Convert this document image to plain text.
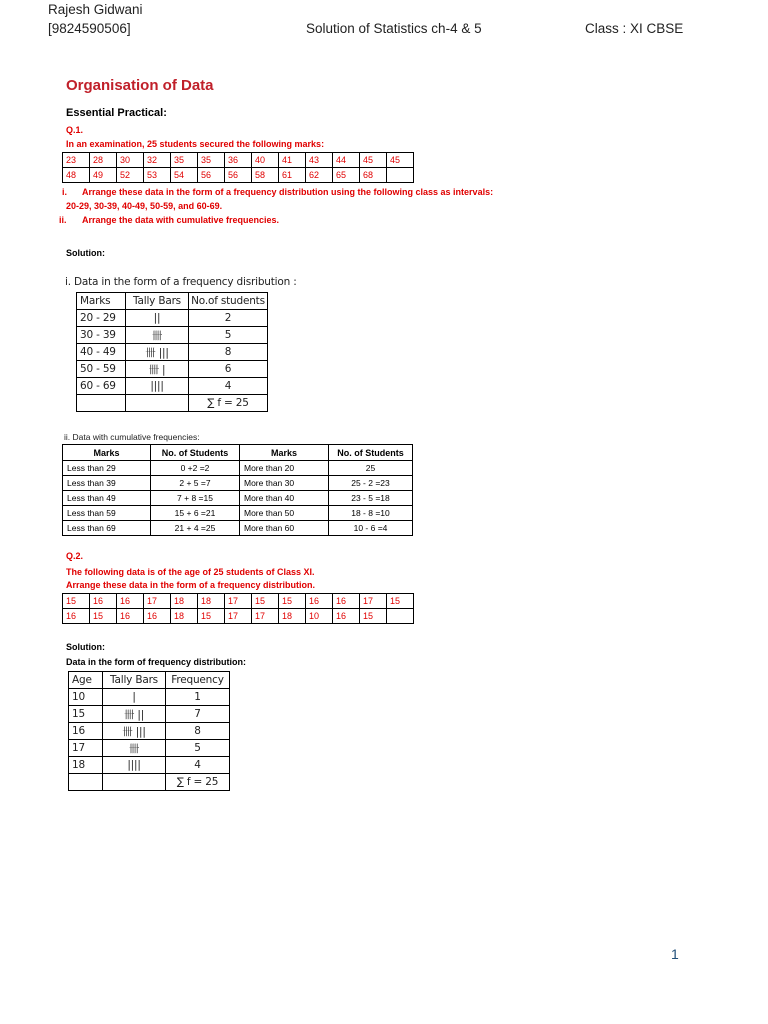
Rajesh Gidwani
[9824590506]	Solution of Statistics ch-4 & 5	Class : XI CBSE
Organisation of Data
Essential Practical:
Q.1.
In an examination, 25 students secured the following marks:
23	28	30	32	35	35	36	40	41	43	44	45	45
48	49	52	53	54	56	56	58	61	62	65	68	
i. Arrange these data in the form of a frequency distribution using the following class as intervals:
20-29, 30-39, 40-49, 50-59, and 60-69.
ii. Arrange the data with cumulative frequencies.
Solution:
i. Data in the form of a frequency disribution :
Marks	Tally Bars	No.of students
20 - 29	||	2
30 - 39	卌	5
40 - 49	卌 |||	8
50 - 59	卌 |	6
60 - 69	||||	4
		∑ f = 25
ii. Data with cumulative frequencies:
Marks	No. of Students	Marks	No. of Students
Less than 29	0 +2 =2	More than 20	25
Less than 39	2 + 5 =7	More than 30	25 - 2 =23
Less than 49	7 + 8 =15	More than 40	23 - 5 =18
Less than 59	15 + 6 =21	More than 50	18 - 8 =10
Less than 69	21 + 4 =25	More than 60	10 - 6 =4
Q.2.
The following data is of the age of 25 students of Class XI.
Arrange these data in the form of a frequency distribution.
15	16	16	17	18	18	17	15	15	16	16	17	15
16	15	16	16	18	15	17	17	18	10	16	15	
Solution:
Data in the form of frequency distribution:
Age	Tally Bars	Frequency
10	|	1
15	卌 ||	7
16	卌 |||	8
17	卌	5
18	||||	4
		∑ f = 25
1
